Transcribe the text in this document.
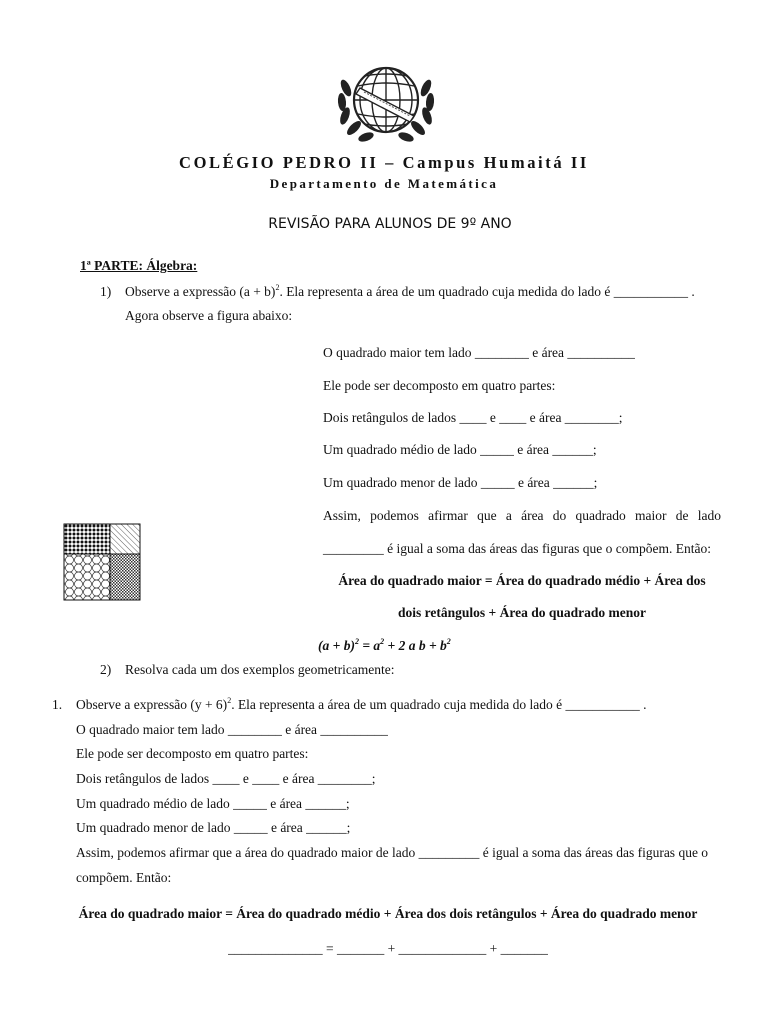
COLÉGIO PEDRO II – Campus Humaitá II
Departamento de Matemática
REVISÃO PARA ALUNOS DE 9º ANO
1ª PARTE: Álgebra:
1) Observe a expressão $(a + b)^2$. Ela representa a área de um quadrado cuja medida do lado é ___________ .
Agora observe a figura abaixo:
O quadrado maior tem lado ________ e área __________
Ele pode ser decomposto em quatro partes:
Dois retângulos de lados ____ e ____ e área ________;
Um quadrado médio de lado _____ e área ______;
Um quadrado menor de lado _____ e área ______;
Assim, podemos afirmar que a área do quadrado maior de lado
_________ é igual a soma das áreas das figuras que o compõem. Então:
Área do quadrado maior = Área do quadrado médio + Área dos
dois retângulos + Área do quadrado menor
$(a + b)^2 = a^2 + 2$ a $b + b^2$
2) Resolva cada um dos exemplos geometricamente:
1. Observe a expressão $(y + 6)^2$. Ela representa a área de um quadrado cuja medida do lado é ___________ .
O quadrado maior tem lado ________ e área __________
Ele pode ser decomposto em quatro partes:
Dois retângulos de lados ____ e ____ e área ________;
Um quadrado médio de lado _____ e área ______;
Um quadrado menor de lado _____ e área ______;
Assim, podemos afirmar que a área do quadrado maior de lado _________ é igual a soma das áreas das figuras que o
compõem. Então:
Área do quadrado maior = Área do quadrado médio + Área dos dois retângulos + Área do quadrado menor
______________ = _______ + _____________ + _______
